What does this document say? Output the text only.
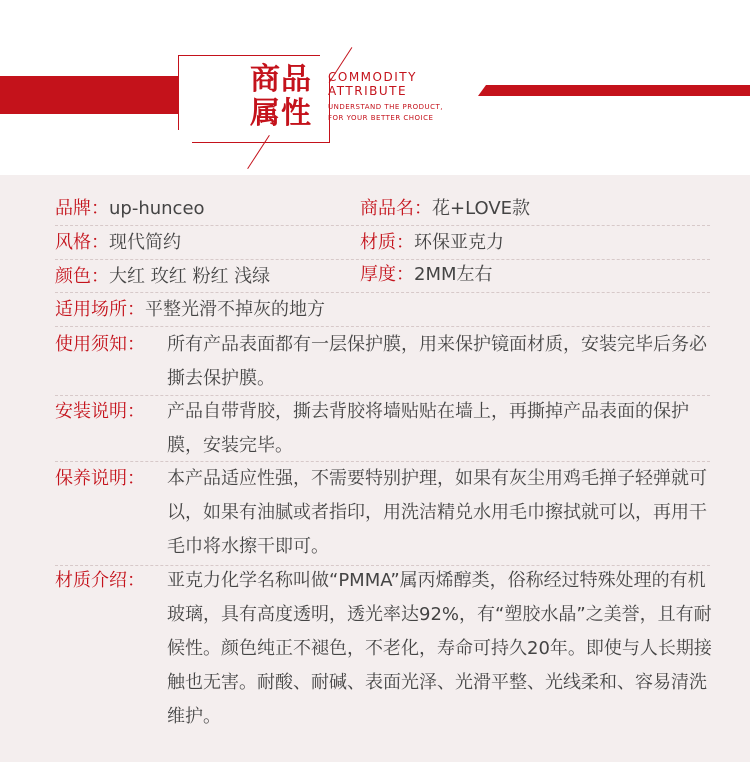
商品
属性
COMMODITY
ATTRIBUTE
UNDERSTAND THE PRODUCT,
FOR YOUR BETTER CHOICE
品牌：up-hunceo	商品名：花+LOVE款
风格：现代简约	材质：环保亚克力
颜色：大红 玫红 粉红 浅绿	厚度：2MM左右
适用场所：平整光滑不掉灰的地方
使用须知： 所有产品表面都有一层保护膜，用来保护镜面材质，安装完毕后务必撕去保护膜。
安装说明： 产品自带背胶，撕去背胶将墙贴贴在墙上，再撕掉产品表面的保护膜，安装完毕。
保养说明： 本产品适应性强，不需要特别护理，如果有灰尘用鸡毛掸子轻弹就可以，如果有油腻或者指印，用洗洁精兑水用毛巾擦拭就可以，再用干毛巾将水擦干即可。
材质介绍： 亚克力化学名称叫做“PMMA”属丙烯醇类，俗称经过特殊处理的有机玻璃，具有高度透明，透光率达92%，有“塑胶水晶”之美誉，且有耐候性。颜色纯正不褪色，不老化，寿命可持久20年。即使与人长期接触也无害。耐酸、耐碱、表面光泽、光滑平整、光线柔和、容易清洗维护。
